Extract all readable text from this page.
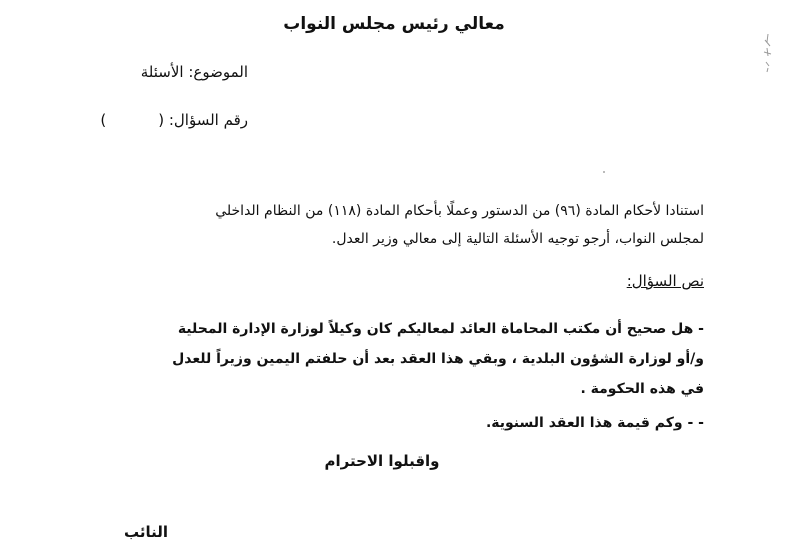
معالي رئيس مجلس النواب
الموضوع: الأسئلة
رقم السؤال: ()
استنادا لأحكام المادة (٩٦) من الدستور وعملًا بأحكام المادة (١١٨) من النظام الداخلي
لمجلس النواب، أرجو توجيه الأسئلة التالية إلى معالي وزير العدل.
نص السؤال:
- هل صحيح أن مكتب المحاماة العائد لمعاليكم كان وكيلاً لوزارة الإدارة المحلية
و/أو لوزارة الشؤون البلدية ، وبقي هذا العقد بعد أن حلفتم اليمين وزيراً للعدل
في هذه الحكومة .
- - وكم قيمة هذا العقد السنوية.
واقبلوا الاحترام
النائب
